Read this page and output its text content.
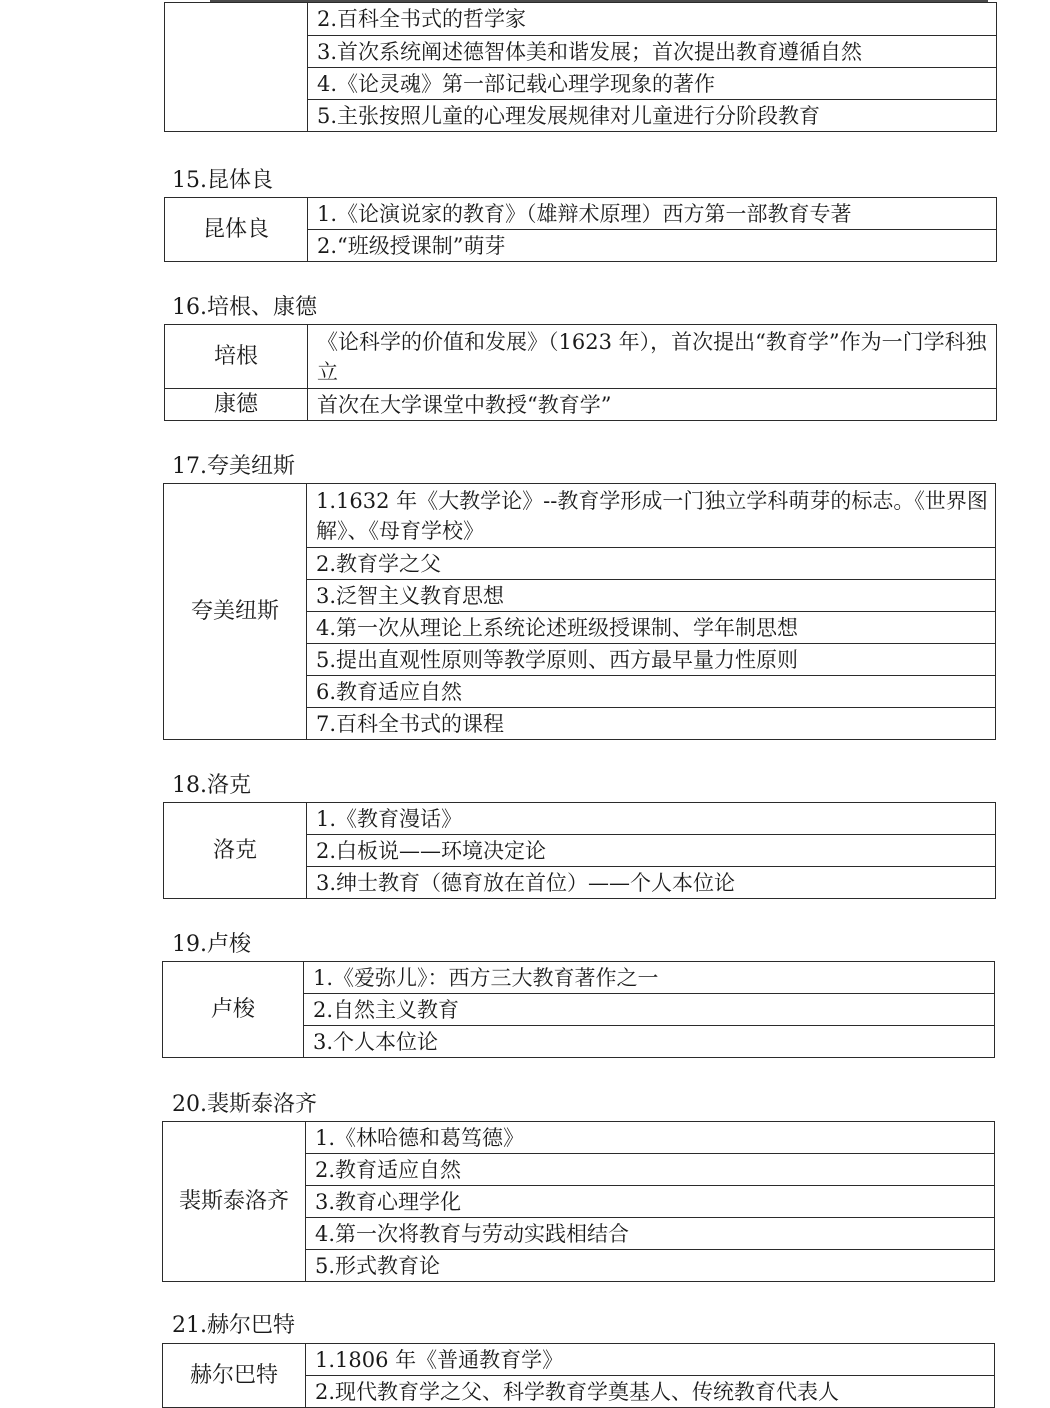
	2.百科全书式的哲学家
3.首次系统阐述德智体美和谐发展；首次提出教育遵循自然
4.《论灵魂》第一部记载心理学现象的著作
5.主张按照儿童的心理发展规律对儿童进行分阶段教育
15.昆体良
昆体良	1.《论演说家的教育》（雄辩术原理）西方第一部教育专著
2.“班级授课制”萌芽
16.培根、康德
培根	《论科学的价值和发展》（1623 年），首次提出“教育学”作为一门学科独立
康德	首次在大学课堂中教授“教育学”
17.夸美纽斯
夸美纽斯	1.1632 年《大教学论》--教育学形成一门独立学科萌芽的标志。《世界图解》、《母育学校》
2.教育学之父
3.泛智主义教育思想
4.第一次从理论上系统论述班级授课制、学年制思想
5.提出直观性原则等教学原则、西方最早量力性原则
6.教育适应自然
7.百科全书式的课程
18.洛克
洛克	1.《教育漫话》
2.白板说——环境决定论
3.绅士教育（德育放在首位）——个人本位论
19.卢梭
卢梭	1.《爱弥儿》：西方三大教育著作之一
2.自然主义教育
3.个人本位论
20.裴斯泰洛齐
裴斯泰洛齐	1.《林哈德和葛笃德》
2.教育适应自然
3.教育心理学化
4.第一次将教育与劳动实践相结合
5.形式教育论
21.赫尔巴特
赫尔巴特	1.1806 年《普通教育学》
2.现代教育学之父、科学教育学奠基人、传统教育代表人
